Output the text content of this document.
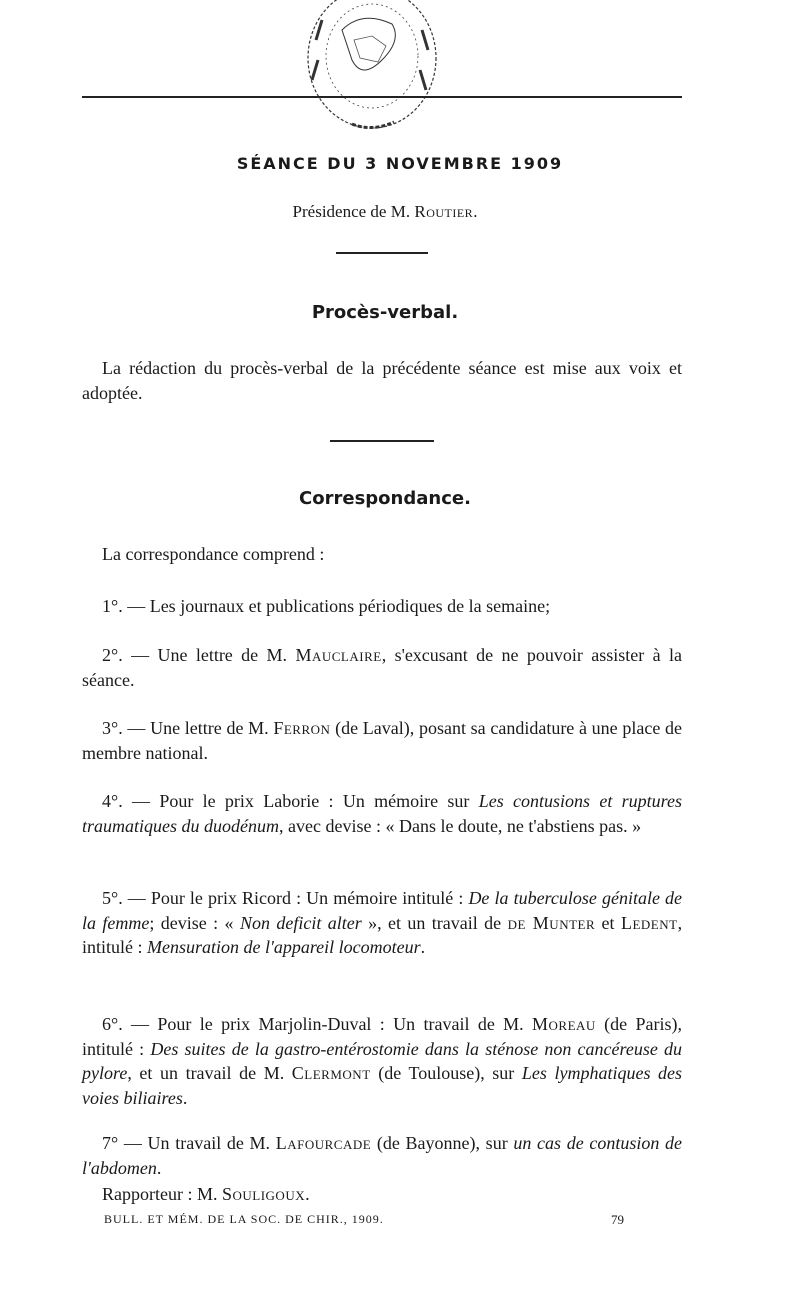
SÉANCE DU 3 NOVEMBRE 1909
Présidence de M. Routier.
Procès-verbal.
La rédaction du procès-verbal de la précédente séance est mise aux voix et adoptée.
Correspondance.
La correspondance comprend :
1°. — Les journaux et publications périodiques de la semaine;
2°. — Une lettre de M. Mauclaire, s'excusant de ne pouvoir assister à la séance.
3°. — Une lettre de M. Ferron (de Laval), posant sa candidature à une place de membre national.
4°. — Pour le prix Laborie : Un mémoire sur Les contusions et ruptures traumatiques du duodénum, avec devise : « Dans le doute, ne t'abstiens pas. »
5°. — Pour le prix Ricord : Un mémoire intitulé : De la tuberculose génitale de la femme; devise : « Non deficit alter », et un travail de de Munter et Ledent, intitulé : Mensuration de l'appareil locomoteur.
6°. — Pour le prix Marjolin-Duval : Un travail de M. Moreau (de Paris), intitulé : Des suites de la gastro-entérostomie dans la sténose non cancéreuse du pylore, et un travail de M. Clermont (de Toulouse), sur Les lymphatiques des voies biliaires.
7° — Un travail de M. Lafourcade (de Bayonne), sur un cas de contusion de l'abdomen.
Rapporteur : M. Souligoux.
BULL. ET MÉM. DE LA SOC. DE CHIR., 1909.	79
